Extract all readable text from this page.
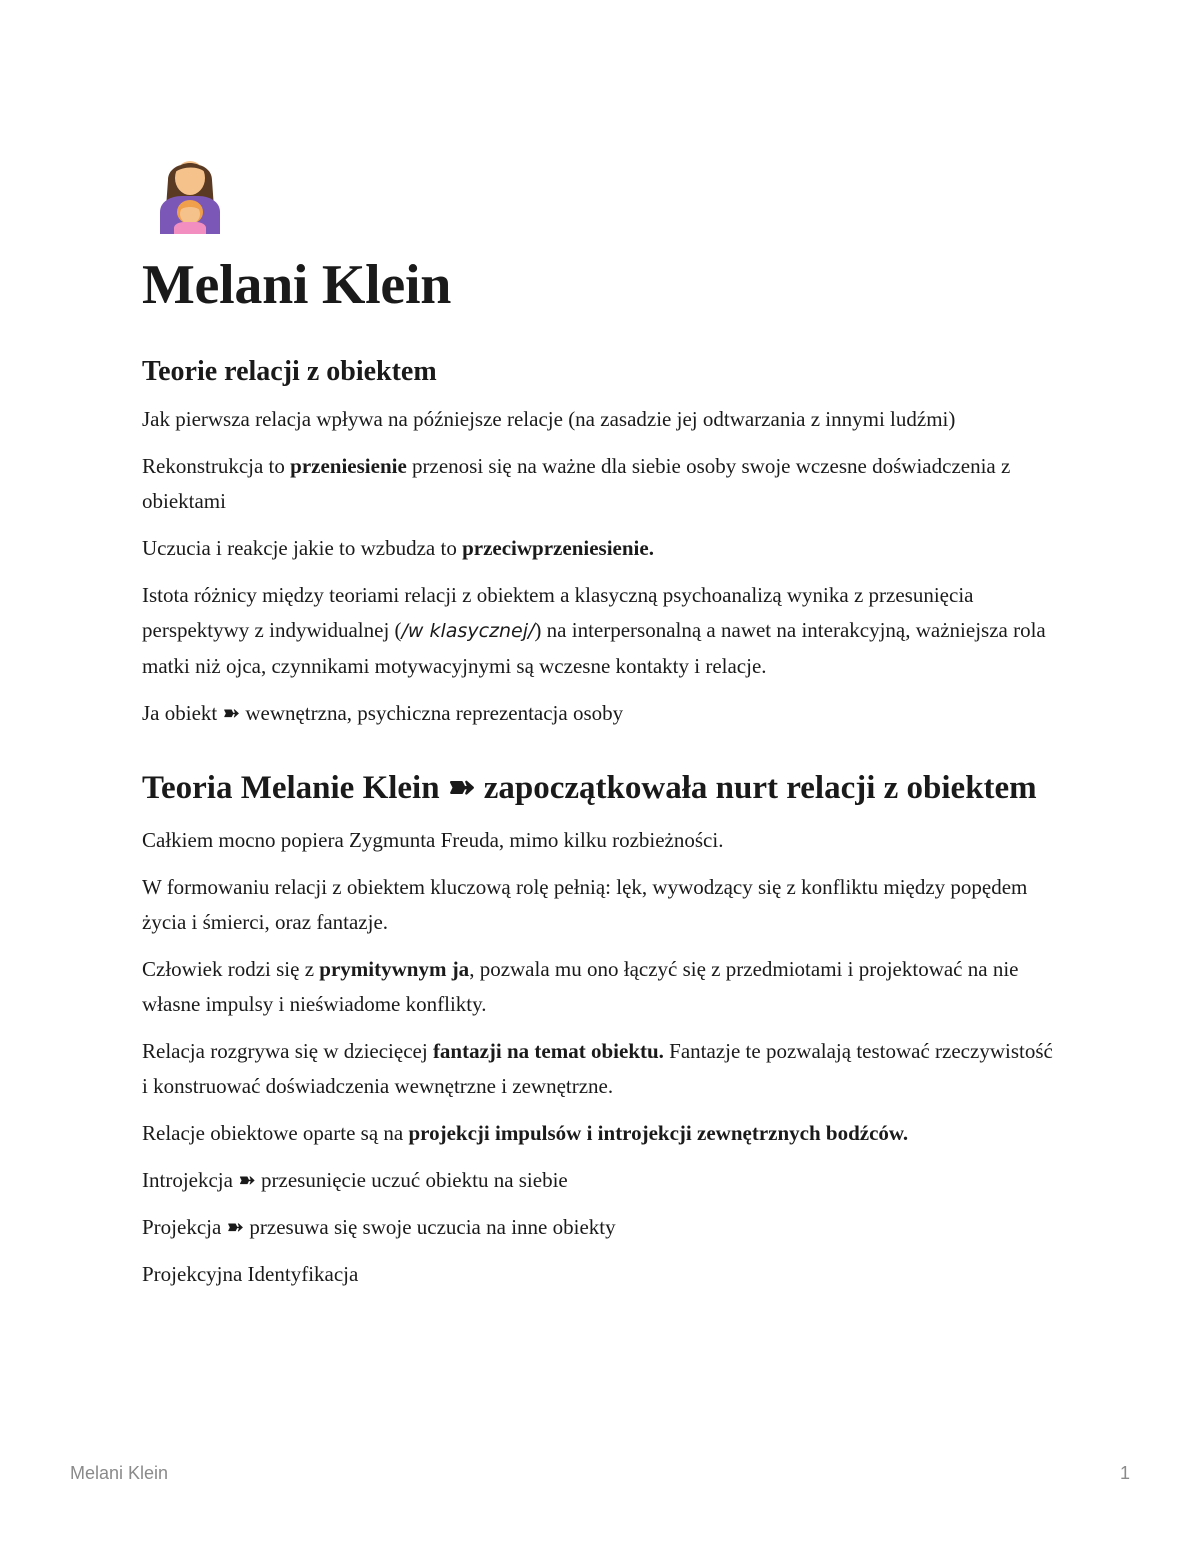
Melani Klein
Teorie relacji z obiektem

Jak pierwsza relacja wpływa na późniejsze relacje (na zasadzie jej odtwarzania z innymi ludźmi)

Rekonstrukcja to przeniesienie przenosi się na ważne dla siebie osoby swoje wczesne doświadczenia z obiektami

Uczucia i reakcje jakie to wzbudza to przeciwprzeniesienie.

Istota różnicy między teoriami relacji z obiektem a klasyczną psychoanalizą wynika z przesunięcia perspektywy z indywidualnej (/w klasycznej/) na interpersonalną a nawet na interakcyjną, ważniejsza rola matki niż ojca, czynnikami motywacyjnymi są wczesne kontakty i relacje.

Ja obiekt ➽ wewnętrzna, psychiczna reprezentacja osoby

Teoria Melanie Klein ➽ zapoczątkowała nurt relacji z obiektem

Całkiem mocno popiera Zygmunta Freuda, mimo kilku rozbieżności.

W formowaniu relacji z obiektem kluczową rolę pełnią: lęk, wywodzący się z konfliktu między popędem życia i śmierci, oraz fantazje.

Człowiek rodzi się z prymitywnym ja, pozwala mu ono łączyć się z przedmiotami i projektować na nie własne impulsy i nieświadome konflikty.

Relacja rozgrywa się w dziecięcej fantazji na temat obiektu. Fantazje te pozwalają testować rzeczywistość i konstruować doświadczenia wewnętrzne i zewnętrzne.

Relacje obiektowe oparte są na projekcji impulsów i introjekcji zewnętrznych bodźców.

Introjekcja ➽ przesunięcie uczuć obiektu na siebie

Projekcja ➽ przesuwa się swoje uczucia na inne obiekty

Projekcyjna Identyfikacja

Melani Klein	1
